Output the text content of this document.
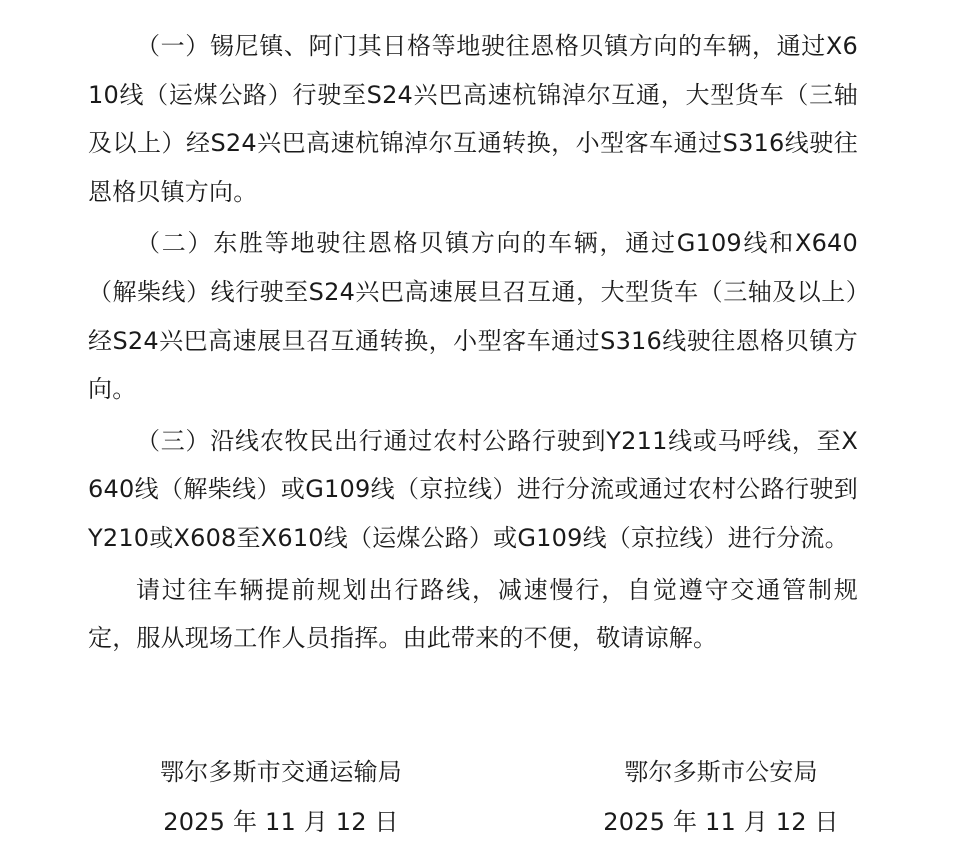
（一）锡尼镇、阿门其日格等地驶往恩格贝镇方向的车辆，通过X610线（运煤公路）行驶至S24兴巴高速杭锦淖尔互通，大型货车（三轴及以上）经S24兴巴高速杭锦淖尔互通转换，小型客车通过S316线驶往恩格贝镇方向。

（二）东胜等地驶往恩格贝镇方向的车辆，通过G109线和X640（解柴线）线行驶至S24兴巴高速展旦召互通，大型货车（三轴及以上）经S24兴巴高速展旦召互通转换，小型客车通过S316线驶往恩格贝镇方向。

（三）沿线农牧民出行通过农村公路行驶到Y211线或马呼线，至X640线（解柴线）或G109线（京拉线）进行分流或通过农村公路行驶到Y210或X608至X610线（运煤公路）或G109线（京拉线）进行分流。

请过往车辆提前规划出行路线，减速慢行，自觉遵守交通管制规定，服从现场工作人员指挥。由此带来的不便，敬请谅解。

鄂尔多斯市交通运输局
2025 年 11 月 12 日
鄂尔多斯市公安局
2025 年 11 月 12 日
